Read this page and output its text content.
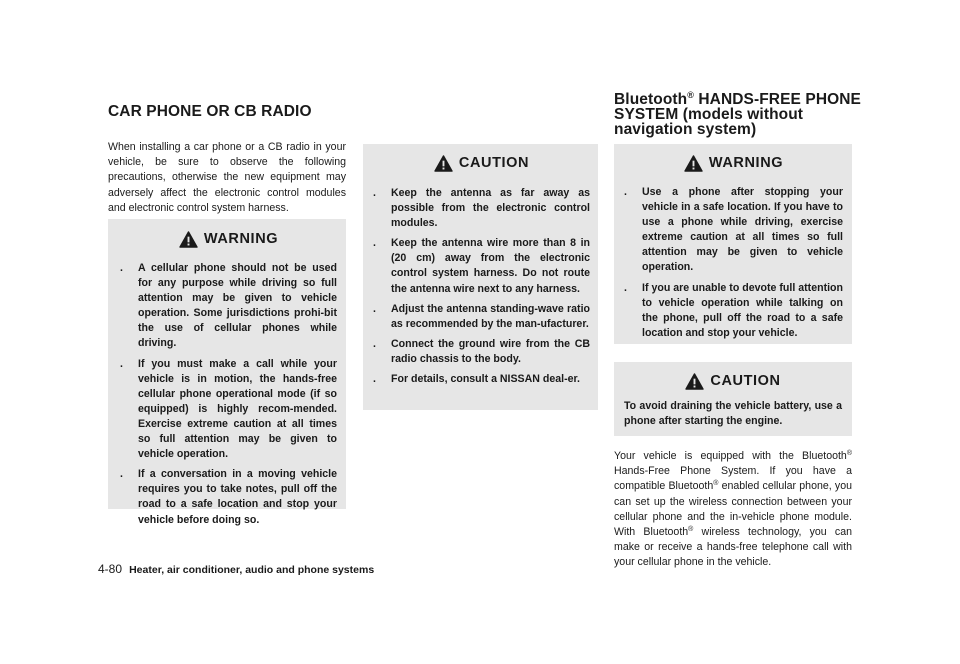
CAR PHONE OR CB RADIO
When installing a car phone or a CB radio in your vehicle, be sure to observe the following precautions, otherwise the new equipment may adversely affect the electronic control modules and electronic control system harness.
WARNING
. A cellular phone should not be used for any purpose while driving so full attention may be given to vehicle operation. Some jurisdictions prohi-bit the use of cellular phones while driving.
. If you must make a call while your vehicle is in motion, the hands-free cellular phone operational mode (if so equipped) is highly recom-mended. Exercise extreme caution at all times so full attention may be given to vehicle operation.
. If a conversation in a moving vehicle requires you to take notes, pull off the road to a safe location and stop your vehicle before doing so.
CAUTION
. Keep the antenna as far away as possible from the electronic control modules.
. Keep the antenna wire more than 8 in (20 cm) away from the electronic control system harness. Do not route the antenna wire next to any harness.
. Adjust the antenna standing-wave ratio as recommended by the man-ufacturer.
. Connect the ground wire from the CB radio chassis to the body.
. For details, consult a NISSAN deal-er.
Bluetooth® HANDS-FREE PHONE
SYSTEM (models without
navigation system)
WARNING
. Use a phone after stopping your vehicle in a safe location. If you have to use a phone while driving, exercise extreme caution at all times so full attention may be given to vehicle operation.
. If you are unable to devote full attention to vehicle operation while talking on the phone, pull off the road to a safe location and stop your vehicle.
CAUTION

To avoid draining the vehicle battery, use a phone after starting the engine.

Your vehicle is equipped with the Bluetooth® Hands-Free Phone System. If you have a compatible Bluetooth® enabled cellular phone, you can set up the wireless connection between your cellular phone and the in-vehicle phone module. With Bluetooth® wireless technology, you can make or receive a hands-free telephone call with your cellular phone in the vehicle.
4-80 Heater, air conditioner, audio and phone systems
